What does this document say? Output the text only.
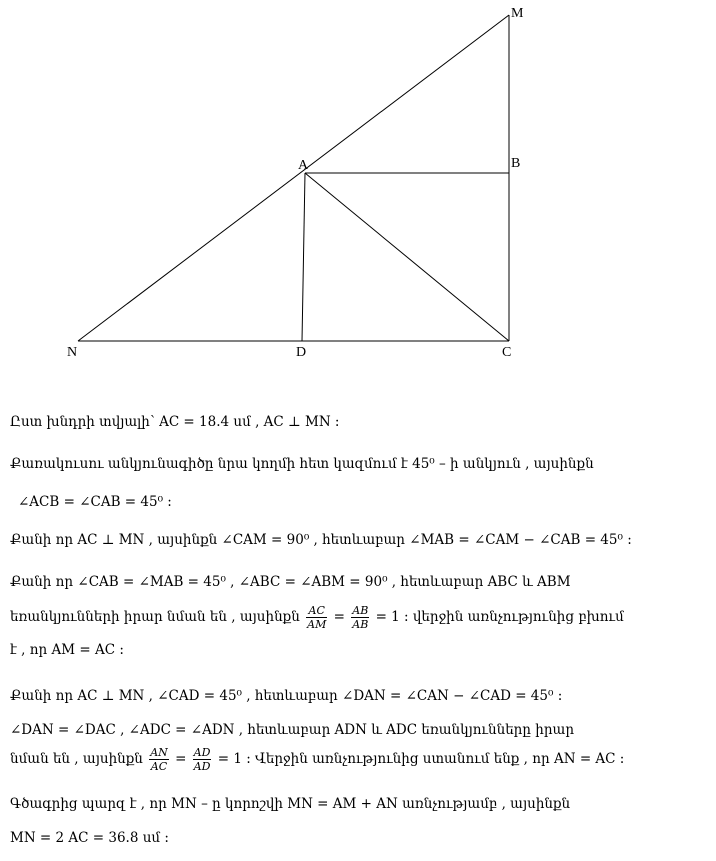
M
B
A
N	D	C
Ըստ խնդրի տվյալի՝ AC = 18.4 սմ , AC ⊥ MN :
Քառակուսու անկյունագիծը նրա կողմի հետ կազմում է 45⁰ – ի անկյուն , այսինքն
∠ACB = ∠CAB = 45⁰ :
Քանի որ AC ⊥ MN , այսինքն ∠CAM = 90⁰ , հետևաբար ∠MAB = ∠CAM − ∠CAB = 45⁰ :
Քանի որ ∠CAB = ∠MAB = 45⁰ , ∠ABC = ∠ABM = 90⁰ , հետևաբար ABC և ABM
եռանկյունների իրար նման են , այսինքն $\frac{AC}{AM} = \frac{AB}{AB} = 1$ : վերջին առնչությունից բխում
է , որ AM = AC :
Քանի որ AC ⊥ MN , ∠CAD = 45⁰ , հետևաբար ∠DAN = ∠CAN − ∠CAD = 45⁰ :
∠DAN = ∠DAC , ∠ADC = ∠ADN , հետևաբար ADN և ADC եռանկյունները իրար
նման են , այսինքն $\frac{AN}{AC} = \frac{AD}{AD} = 1$ : Վերջին առնչությունից ստանում ենք , որ AN = AC :
Գծագրից պարզ է , որ MN – ը կորոշվի MN = AM + AN առնչությամբ , այսինքն
MN = 2 AC = 36.8 սմ :
